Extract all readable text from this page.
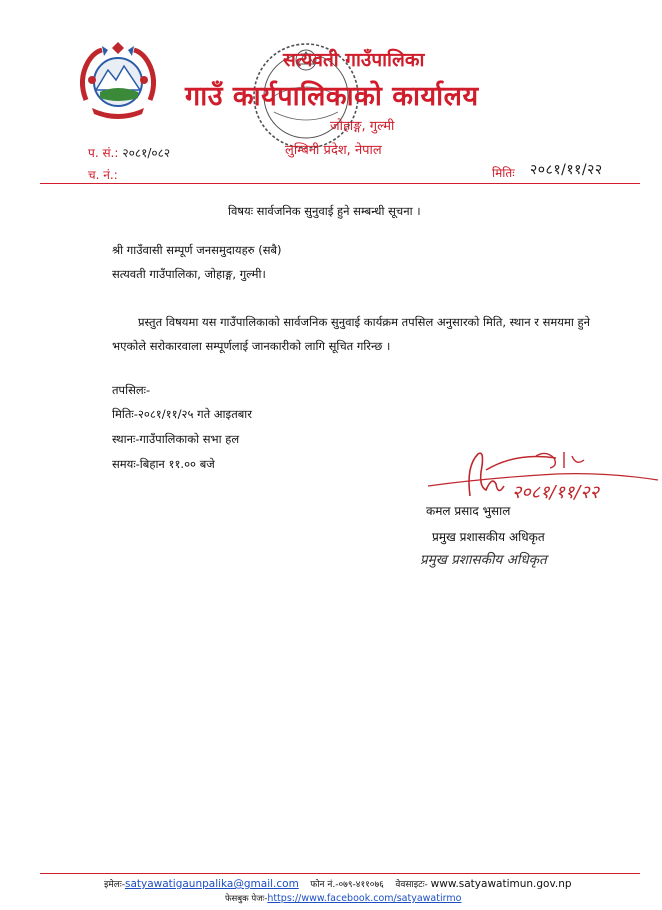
सत्यवती गाउँपालिका
गाउँ कार्यपालिकाको कार्यालय
जोहाङ्ग, गुल्मी
लुम्बिनी प्रदेश, नेपाल
प. सं.: २०८१/०८२
च. नं.:	मितिः २०८१/११/२२
विषयः सार्वजनिक सुनुवाई हुने सम्बन्धी सूचना ।
श्री गाउँवासी सम्पूर्ण जनसमुदायहरु (सबै)
सत्यवती गाउँपालिका, जोहाङ्ग, गुल्मी।
प्रस्तुत विषयमा यस गाउँपालिकाको सार्वजनिक सुनुवाई कार्यक्रम तपसिल अनुसारको मिति, स्थान र समयमा हुने भएकोले सरोकारवाला सम्पूर्णलाई जानकारीको लागि सूचित गरिन्छ ।
तपसिलः-
मितिः-२०८१/११/२५ गते आइतबार
स्थानः-गाउँपालिकाको सभा हल
समयः-बिहान ११.०० बजे
२०८१/११/२२
कमल प्रसाद भुसाल
प्रमुख प्रशासकीय अधिकृत
प्रमुख प्रशासकीय अधिकृत
इमेलः-satyawatigaunpalika@gmail.com फोन नं.-०७९-४११०७६ वेवसाइटः- www.satyawatimun.gov.np
फेसबुक पेजः-https://www.facebook.com/satyawatirmo
